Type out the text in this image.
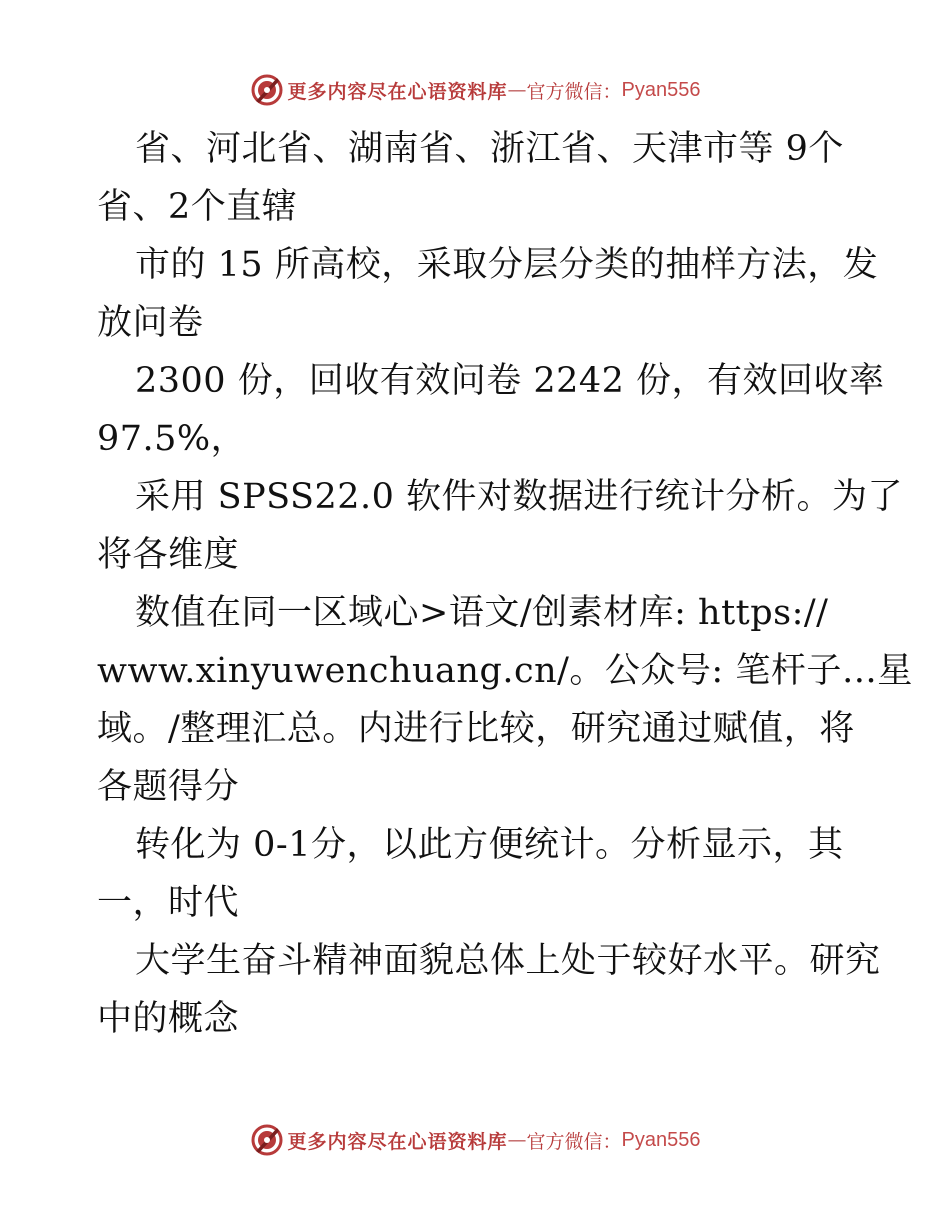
更多内容尽在心语资料库 — 官方微信： Pyan556
省、河北省、湖南省、浙江省、天津市等 9个
省、2个直辖
市的 15 所高校，采取分层分类的抽样方法，发
放问卷
2300 份，回收有效问卷 2242 份，有效回收率
97.5%，
采用 SPSS22.0 软件对数据进行统计分析。为了
将各维度
数值在同一区域心>语文/创素材库: https://
www.xinyuwenchuang.cn/。公众号: 笔杆子…星
域。/整理汇总。内进行比较，研究通过赋值，将
各题得分
转化为 0-1分，以此方便统计。分析显示，其
一，时代
大学生奋斗精神面貌总体上处于较好水平。研究
中的概念
更多内容尽在心语资料库 — 官方微信： Pyan556
